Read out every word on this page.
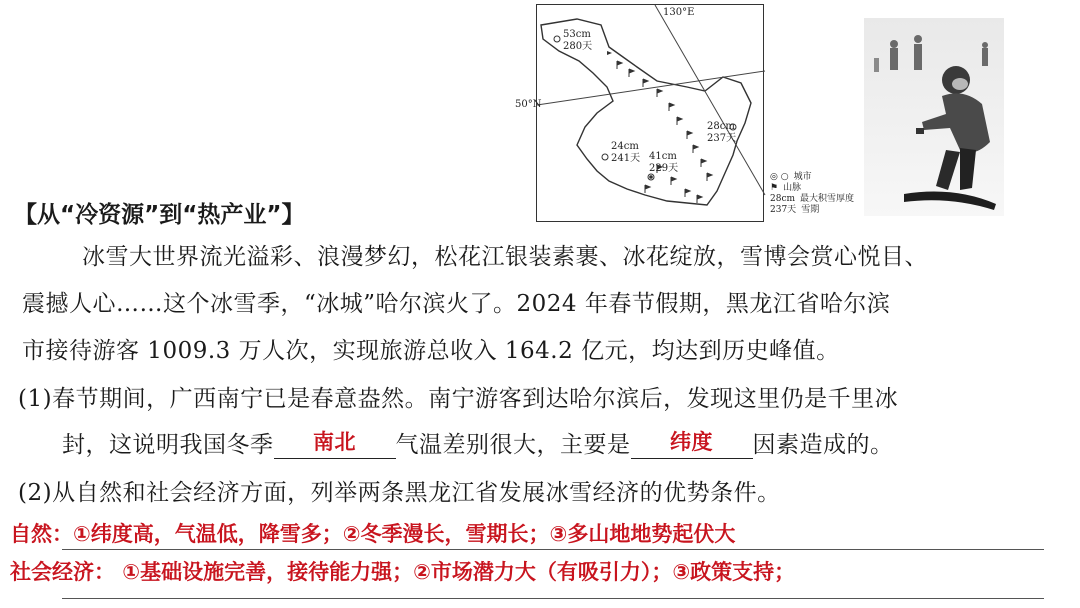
130°E
50°N
53cm
280天
28cm
237天
24cm
241天 41cm
229天
◎ ○ 城市
⚑ 山脉
28cm 最大积雪厚度
237天 雪期
【从“冷资源”到“热产业”】
冰雪大世界流光溢彩、浪漫梦幻，松花江银装素裹、冰花绽放，雪博会赏心悦目、
震撼人心……这个冰雪季，“冰城”哈尔滨火了。2024 年春节假期，黑龙江省哈尔滨
市接待游客 1009.3 万人次，实现旅游总收入 164.2 亿元，均达到历史峰值。
(1)春节期间，广西南宁已是春意盎然。南宁游客到达哈尔滨后，发现这里仍是千里冰
封，这说明我国冬季	南北	气温差别很大，主要是	纬度	因素造成的。
(2)从自然和社会经济方面，列举两条黑龙江省发展冰雪经济的优势条件。
自然：①纬度高，气温低，降雪多；②冬季漫长，雪期长；③多山地地势起伏大
社会经济： ①基础设施完善，接待能力强；②市场潜力大（有吸引力）；③政策支持；
